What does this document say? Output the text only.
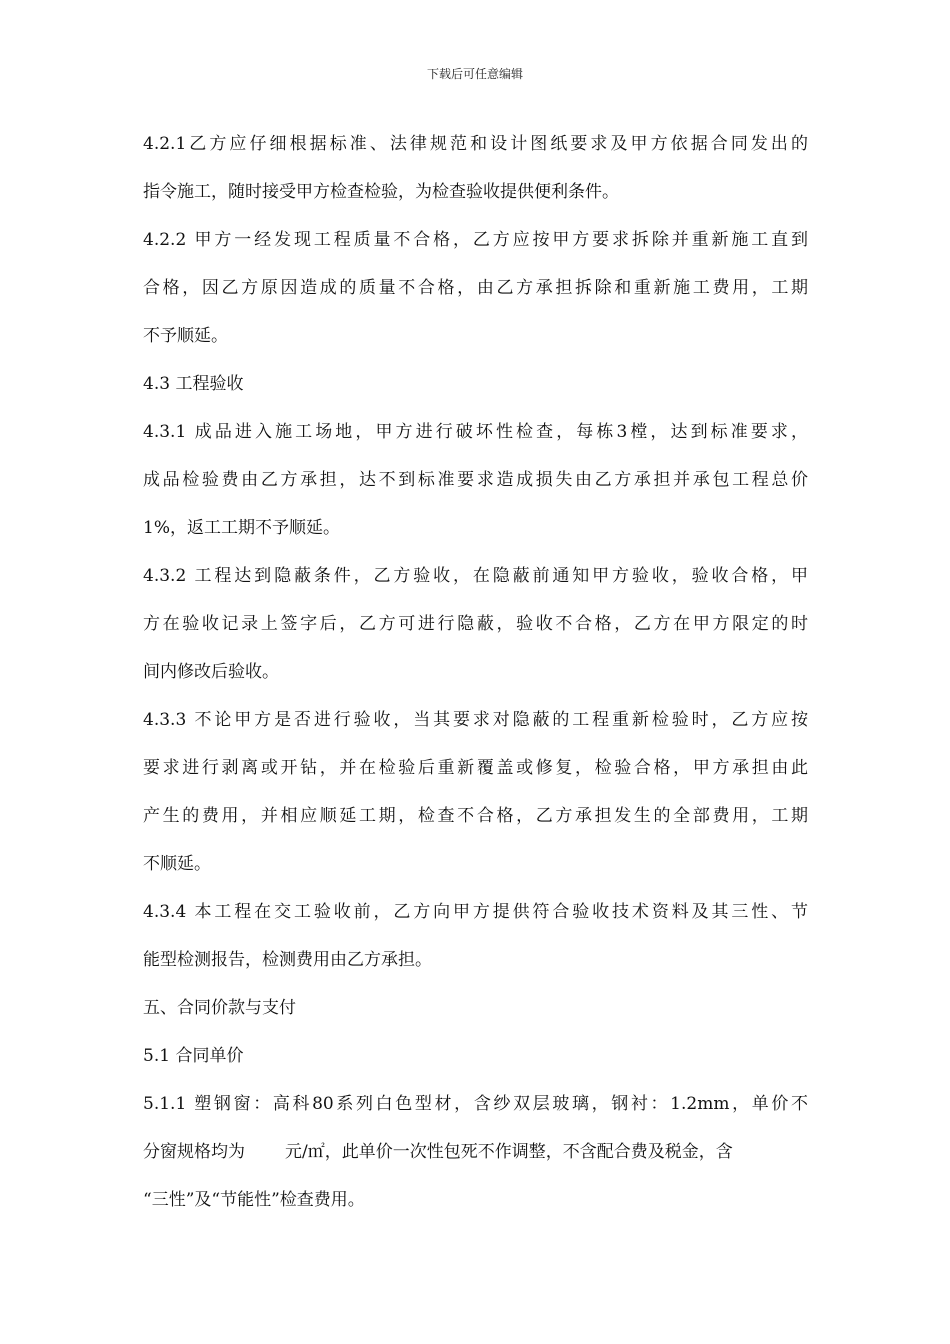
下载后可任意编辑
4.2.1乙方应仔细根据标准、法律规范和设计图纸要求及甲方依据合同发出的
指令施工，随时接受甲方检查检验，为检查验收提供便利条件。
4.2.2 甲方一经发现工程质量不合格，乙方应按甲方要求拆除并重新施工直到
合格，因乙方原因造成的质量不合格，由乙方承担拆除和重新施工费用，工期
不予顺延。
4.3 工程验收
4.3.1 成品进入施工场地，甲方进行破坏性检查，每栋3樘，达到标准要求，
成品检验费由乙方承担，达不到标准要求造成损失由乙方承担并承包工程总价
1%，返工工期不予顺延。
4.3.2 工程达到隐蔽条件，乙方验收，在隐蔽前通知甲方验收，验收合格，甲
方在验收记录上签字后，乙方可进行隐蔽，验收不合格，乙方在甲方限定的时
间内修改后验收。
4.3.3 不论甲方是否进行验收，当其要求对隐蔽的工程重新检验时，乙方应按
要求进行剥离或开钻，并在检验后重新覆盖或修复，检验合格，甲方承担由此
产生的费用，并相应顺延工期，检查不合格，乙方承担发生的全部费用，工期
不顺延。
4.3.4 本工程在交工验收前，乙方向甲方提供符合验收技术资料及其三性、节
能型检测报告，检测费用由乙方承担。
五、合同价款与支付
5.1 合同单价
5.1.1 塑钢窗：高科80系列白色型材，含纱双层玻璃，钢衬：1.2mm，单价不
分窗规格均为 元/㎡，此单价一次性包死不作调整，不含配合费及税金，含
“三性”及“节能性”检查费用。
